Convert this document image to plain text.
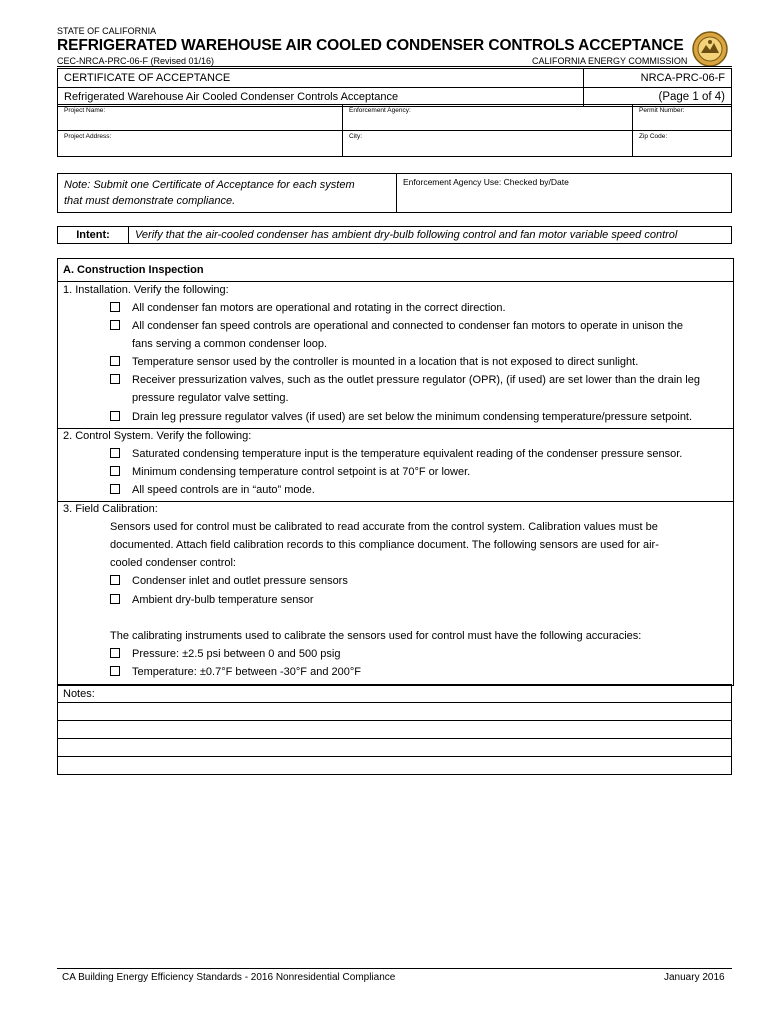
STATE OF CALIFORNIA
REFRIGERATED WAREHOUSE AIR COOLED CONDENSER CONTROLS ACCEPTANCE
CEC-NRCA-PRC-06-F (Revised 01/16)	CALIFORNIA ENERGY COMMISSION
CERTIFICATE OF ACCEPTANCE	NRCA-PRC-06-F
Refrigerated Warehouse Air Cooled Condenser Controls Acceptance	(Page 1 of 4)
Project Name:	Enforcement Agency:	Permit Number:
Project Address:	City:	Zip Code:
Note: Submit one Certificate of Acceptance for each system
that must demonstrate compliance.
	Enforcement Agency Use: Checked by/Date
Intent:	Verify that the air-cooled condenser has ambient dry-bulb following control and fan motor variable speed control
A. Construction Inspection
1. Installation. Verify the following:
All condenser fan motors are operational and rotating in the correct direction.
All condenser fan speed controls are operational and connected to condenser fan motors to operate in unison the
fans serving a common condenser loop.
Temperature sensor used by the controller is mounted in a location that is not exposed to direct sunlight.
Receiver pressurization valves, such as the outlet pressure regulator (OPR), (if used) are set lower than the drain leg
pressure regulator valve setting.
Drain leg pressure regulator valves (if used) are set below the minimum condensing temperature/pressure setpoint.
2. Control System. Verify the following:
Saturated condensing temperature input is the temperature equivalent reading of the condenser pressure sensor.
Minimum condensing temperature control setpoint is at 70°F or lower.
All speed controls are in “auto” mode.
3. Field Calibration:
Sensors used for control must be calibrated to read accurate from the control system. Calibration values must be
documented. Attach field calibration records to this compliance document. The following sensors are used for air-
cooled condenser control:
Condenser inlet and outlet pressure sensors
Ambient dry-bulb temperature sensor
The calibrating instruments used to calibrate the sensors used for control must have the following accuracies:
Pressure: ±2.5 psi between 0 and 500 psig
Temperature: ±0.7°F between -30°F and 200°F
Notes:

CA Building Energy Efficiency Standards - 2016 Nonresidential Compliance	January 2016
